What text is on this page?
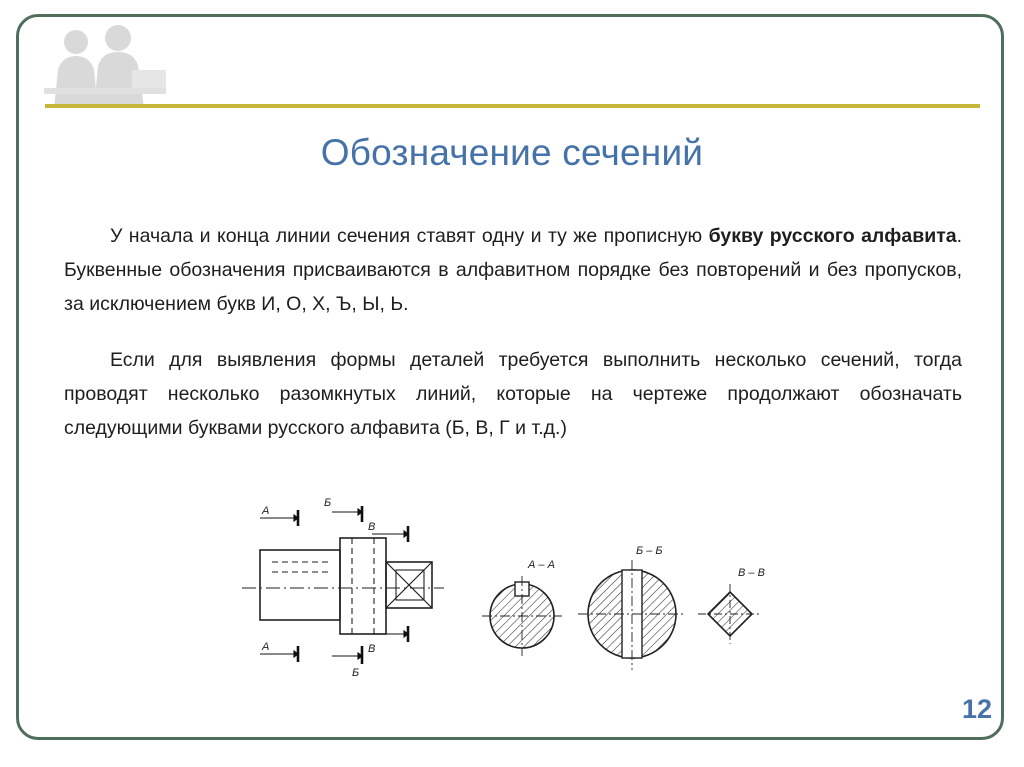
Обозначение сечений
У начала и конца линии сечения ставят одну и ту же прописную букву русского алфавита. Буквенные обозначения присваиваются в алфавитном порядке без повторений и без пропусков, за исключением букв И, О, Х, Ъ, Ы, Ь.
Если для выявления формы деталей требуется выполнить несколько сечений, тогда проводят несколько разомкнутых линий, которые на чертеже продолжают обозначать следующими буквами русского алфавита (Б, В, Г и т.д.)
А
А
Б
Б
В
В
А – А
Б – Б
В – В
12
